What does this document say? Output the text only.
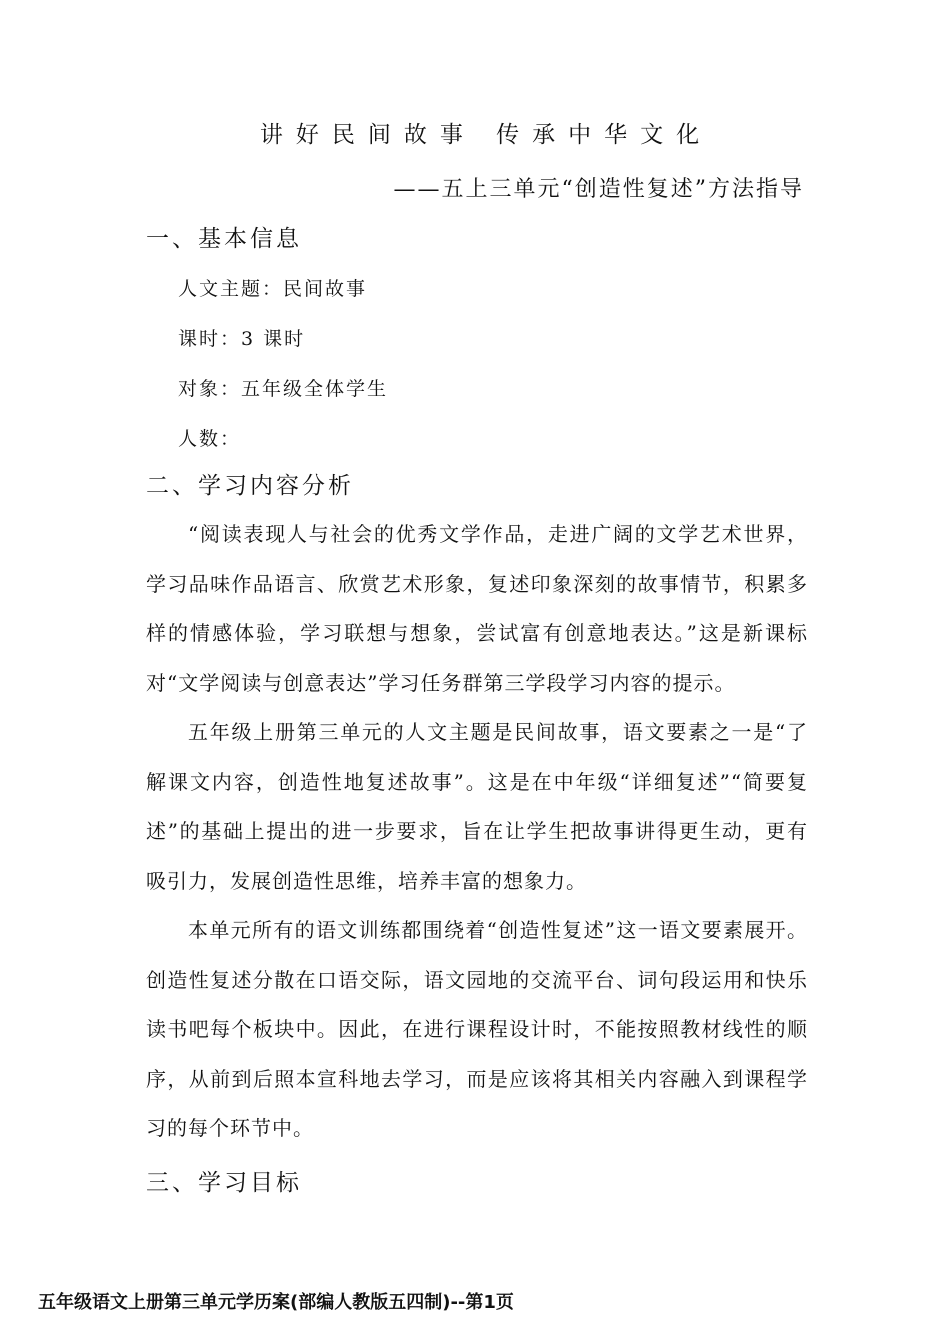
讲好民间故事 传承中华文化
——五上三单元“创造性复述”方法指导
一、基本信息
人文主题：民间故事
课时：3 课时
对象：五年级全体学生
人数：
二、学习内容分析

“阅读表现人与社会的优秀文学作品，走进广阔的文学艺术世界，学习品味作品语言、欣赏艺术形象，复述印象深刻的故事情节，积累多样的情感体验，学习联想与想象，尝试富有创意地表达。”这是新课标对“文学阅读与创意表达”学习任务群第三学段学习内容的提示。

五年级上册第三单元的人文主题是民间故事，语文要素之一是“了解课文内容，创造性地复述故事”。这是在中年级“详细复述”“简要复述”的基础上提出的进一步要求，旨在让学生把故事讲得更生动，更有吸引力，发展创造性思维，培养丰富的想象力。

本单元所有的语文训练都围绕着“创造性复述”这一语文要素展开。创造性复述分散在口语交际，语文园地的交流平台、词句段运用和快乐读书吧每个板块中。因此，在进行课程设计时，不能按照教材线性的顺序，从前到后照本宣科地去学习，而是应该将其相关内容融入到课程学习的每个环节中。

三、学习目标
五年级语文上册第三单元学历案(部编人教版五四制)--第1页
